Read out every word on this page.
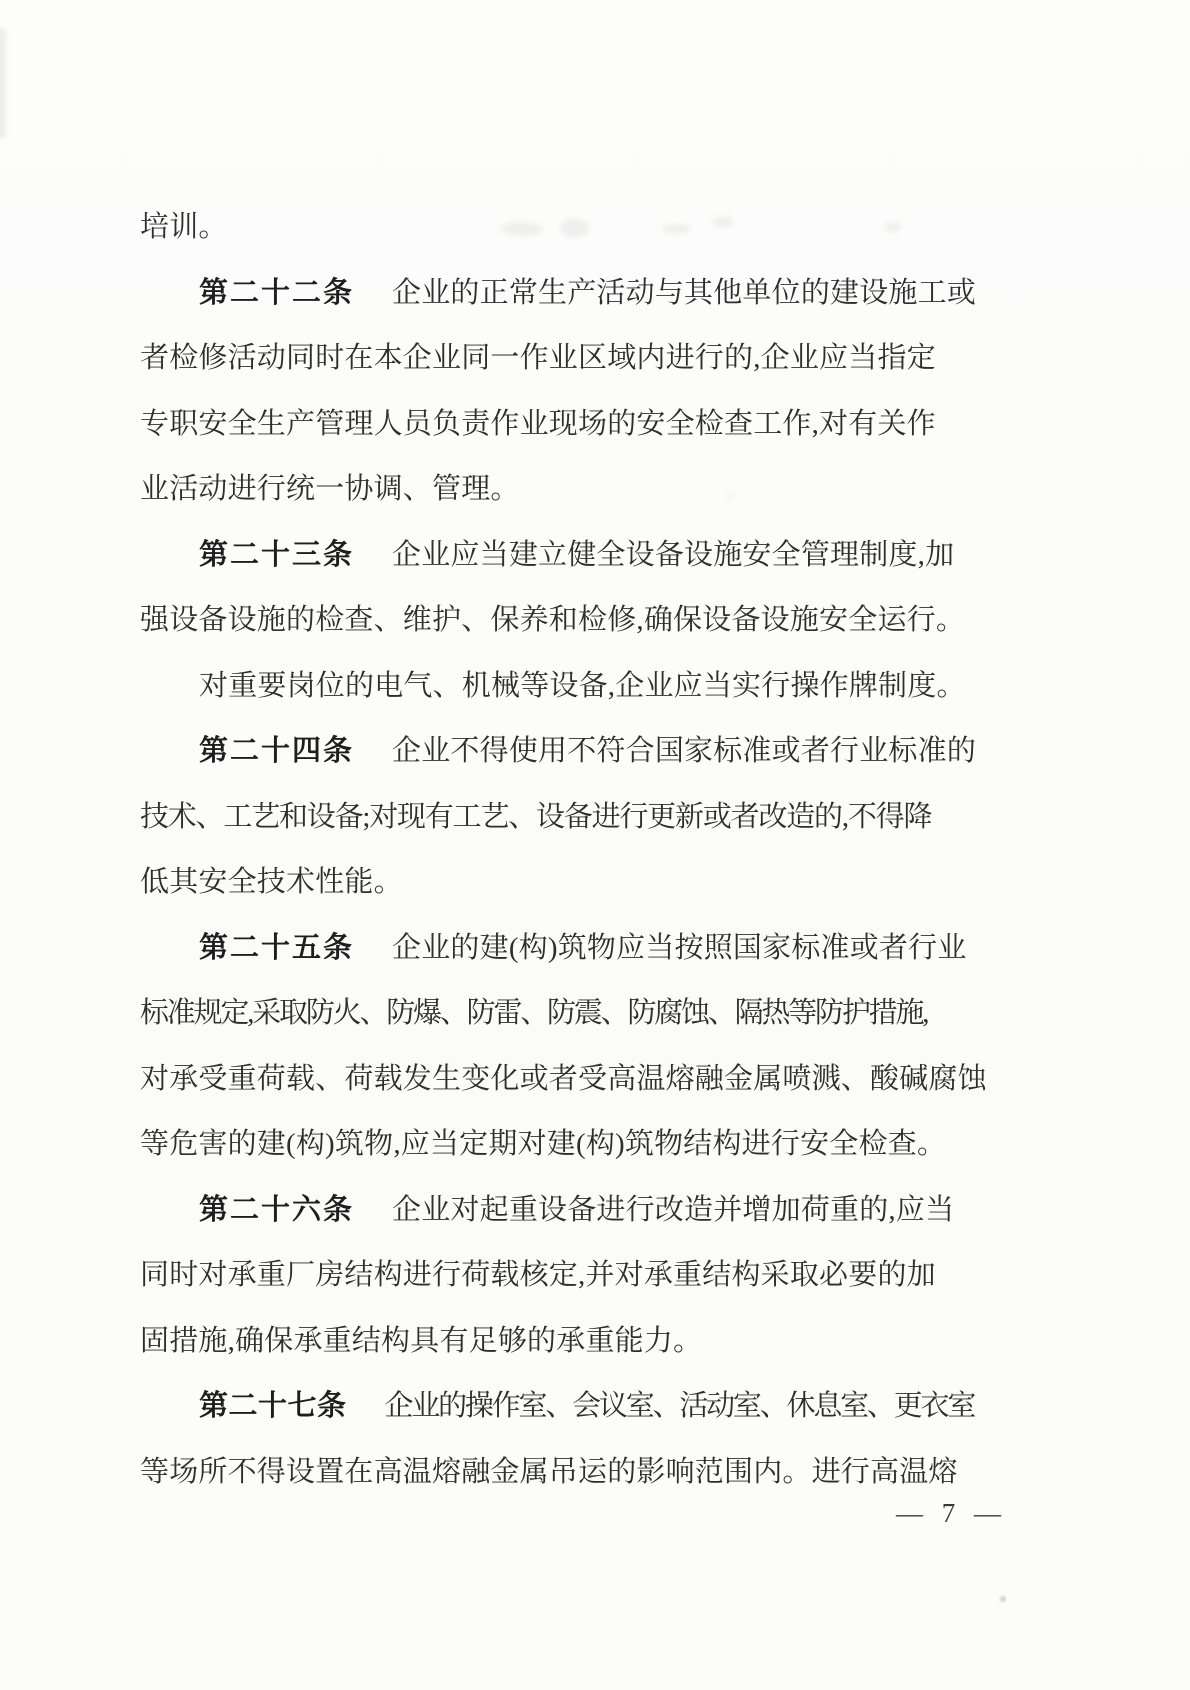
培训。
第二十二条 企业的正常生产活动与其他单位的建设施工或
者检修活动同时在本企业同一作业区域内进行的,企业应当指定
专职安全生产管理人员负责作业现场的安全检查工作,对有关作
业活动进行统一协调、管理。
第二十三条 企业应当建立健全设备设施安全管理制度,加
强设备设施的检查、维护、保养和检修,确保设备设施安全运行。
对重要岗位的电气、机械等设备,企业应当实行操作牌制度。
第二十四条 企业不得使用不符合国家标准或者行业标准的
技术、工艺和设备;对现有工艺、设备进行更新或者改造的,不得降
低其安全技术性能。
第二十五条 企业的建(构)筑物应当按照国家标准或者行业
标准规定,采取防火、防爆、防雷、防震、防腐蚀、隔热等防护措施,
对承受重荷载、荷载发生变化或者受高温熔融金属喷溅、酸碱腐蚀
等危害的建(构)筑物,应当定期对建(构)筑物结构进行安全检查。
第二十六条 企业对起重设备进行改造并增加荷重的,应当
同时对承重厂房结构进行荷载核定,并对承重结构采取必要的加
固措施,确保承重结构具有足够的承重能力。
第二十七条 企业的操作室、会议室、活动室、休息室、更衣室
等场所不得设置在高温熔融金属吊运的影响范围内。进行高温熔
— 7 —
